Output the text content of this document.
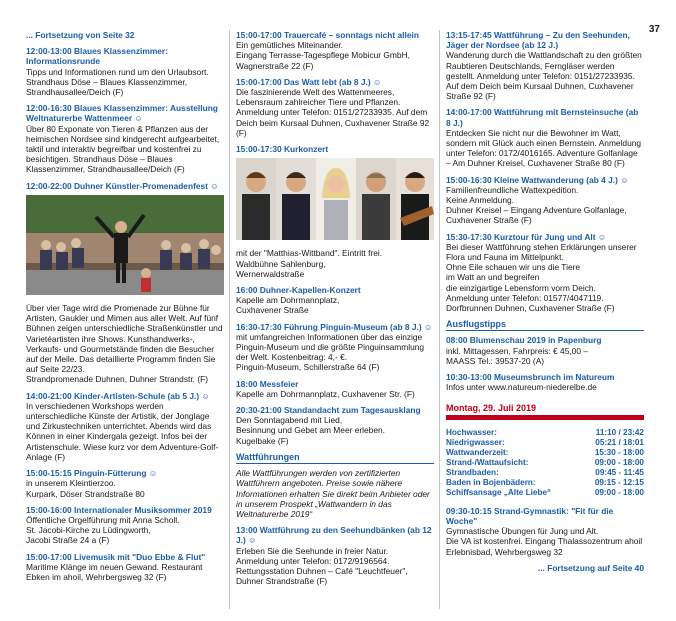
37

... Fortsetzung von Seite 32

12:00-13:00 Blaues Klassenzimmer: Informationsrunde
Tipps und Informationen rund um den Urlaubsort.
Strandhaus Döse – Blaues Klassenzimmer,
Strandhausallee/Deich (F)

12:00-16:30 Blaues Klassenzimmer: Ausstellung Weltnaturerbe Wattenmeer ☺
Über 80 Exponate von Tieren & Pflanzen aus der heimischen Nordsee sind kindgerecht aufgearbeitet, taktil und interaktiv begreifbar und kostenfrei zu besichtigen. Strandhaus Döse – Blaues Klassenzimmer, Strandhausallee/Deich (F)

12:00-22:00 Duhner Künstler-Promenadenfest ☺

Über vier Tage wird die Promenade zur Bühne für Artisten, Gaukler und Mimen aus aller Welt. Auf fünf Bühnen zeigen unterschiedliche Straßenkünstler und Varietéartisten ihre Shows. Kunsthandwerks-, Verkaufs- und Gourmetstände finden die Besucher auf der Meile. Das detaillierte Programm finden Sie auf Seite 22/23.
Strandpromenade Duhnen, Duhner Strandstr. (F)

14:00-21:00 Kinder-Artisten-Schule (ab 5 J.) ☺
In verschiedenen Workshops werden unterschiedliche Künste der Artistik, der Jonglage und Zirkustechniken unterrichtet. Abends wird das Können in einer Kindergala gezeigt. Infos bei der Artistenschule. Wiese kurz vor dem Adventure-Golf-Anlage (F)

15:00-15:15 Pinguin-Fütterung ☺
in unserem Kleintierzoo.
Kurpark, Döser Strandstraße 80

15:00-16:00 Internationaler Musiksommer 2019
Öffentliche Orgelführung mit Anna Scholl.
St. Jacobi-Kirche zu Lüdingworth,
Jacobi Straße 24 a (F)

15:00-17:00 Livemusik mit "Duo Ebbe & Flut"
Maritime Klänge im neuen Gewand. Restaurant Ebken im ahoil, Wehrbergsweg 32 (F)

15:00-17:00 Trauercafé – sonntags nicht allein
Ein gemütliches Miteinander.
Eingang Terrasse-Tagespflege Mobicur GmbH,
Wagnerstraße 22 (F)

15:00-17:00 Das Watt lebt (ab 8 J.) ☺
Die faszinierende Welt des Wattenmeeres, Lebensraum zahlreicher Tiere und Pflanzen. Anmeldung unter Telefon: 0151/27233935. Auf dem Deich beim Kursaal Duhnen, Cuxhavener Straße 92 (F)

15:00-17:30 Kurkonzert

mit der "Matthias-Wittband". Eintritt frei.
Waldbühne Sahlenburg,
Wernerwaldstraße

16:00 Duhner-Kapellen-Konzert
Kapelle am Dohrmannplatz,
Cuxhavener Straße

16:30-17:30 Führung Pinguin-Museum (ab 8 J.) ☺
mit umfangreichen Informationen über das einzige Pinguin-Museum und die größte Pinguinsammlung der Welt. Kostenbeitrag: 4,- €.
Pinguin-Museum, Schillerstraße 64 (F)

18:00 Messfeier
Kapelle am Dohrmannplatz, Cuxhavener Str. (F)

20:30-21:00 Standandacht zum Tagesausklang
Den Sonntagabend mit Lied,
Besinnung und Gebet am Meer erleben.
Kugelbake (F)

Wattführungen

Alle Wattführungen werden von zertifizierten Wattführern angeboten. Preise sowie nähere Informationen erhalten Sie direkt beim Anbieter oder in unserem Prospekt „Wattwandern in das Weltnaturerbe 2019“

13:00 Wattführung zu den Seehundbänken (ab 12 J.) ☺
Erleben Sie die Seehunde in freier Natur.
Anmeldung unter Telefon: 0172/9196564.
Rettungsstation Duhnen – Café "Leuchtfeuer",
Duhner Strandstraße (F)

13:15-17:45 Wattführung – Zu den Seehunden, Jäger der Nordsee (ab 12 J.)
Wanderung durch die Wattlandschaft zu den größten Raubtieren Deutschlands, Ferngläser werden gestellt. Anmeldung unter Telefon: 0151/27233935. Auf dem Deich beim Kursaal Duhnen, Cuxhavener Straße 92 (F)

14:00-17:00 Wattführung mit Bernsteinsuche (ab 8 J.)
Entdecken Sie nicht nur die Bewohner im Watt, sondern mit Glück auch einen Bernstein. Anmeldung unter Telefon: 0172/4016165. Adventure Golfanlage – Am Duhner Kreisel, Cuxhavener Straße 80 (F)

15:00-16:30 Kleine Wattwanderung (ab 4 J.) ☺
Familienfreundliche Wattexpedition.
Keine Anmeldung.
Duhner Kreisel – Eingang Adventure Golfanlage, Cuxhavener Straße (F)

15:30-17:30 Kurztour für Jung und Alt ☺
Bei dieser Wattführung stehen Erklärungen unserer Flora und Fauna im Mittelpunkt.
Ohne Eile schauen wir uns die Tiere
im Watt an und begreifen
die einzigartige Lebensform vorm Deich.
Anmeldung unter Telefon: 01577/4047119.
Dorfbrunnen Duhnen, Cuxhavener Straße (F)

Ausflugstipps

08:00 Blumenschau 2019 in Papenburg
inkl. Mittagessen, Fahrpreis: € 45,00 –
MAASS Tel.: 39537-20 (A)

10:30-13:00 Museumsbrunch im Natureum
Infos unter www.natureum-niederelbe.de

Montag, 29. Juli 2019
Hochwasser:	11:10 / 23:42
Niedrigwasser:	05:21 / 18:01
Wattwanderzeit:	15:30 - 18:00
Strand-/Wattaufsicht:	09:00 - 18:00
Strandbaden:	09:45 - 11:45
Baden in Bojenbädern:	09:15 - 12:15
Schiffsansage „Alte Liebe“	09:00 - 18:00

09:30-10:15 Strand-Gymnastik: "Fit für die Woche"
Gymnastische Übungen für Jung und Alt.
Die VA ist kostenfrei. Eingang Thalassozentrum ahoil Erlebnisbad, Wehrbergsweg 32

... Fortsetzung auf Seite 40
